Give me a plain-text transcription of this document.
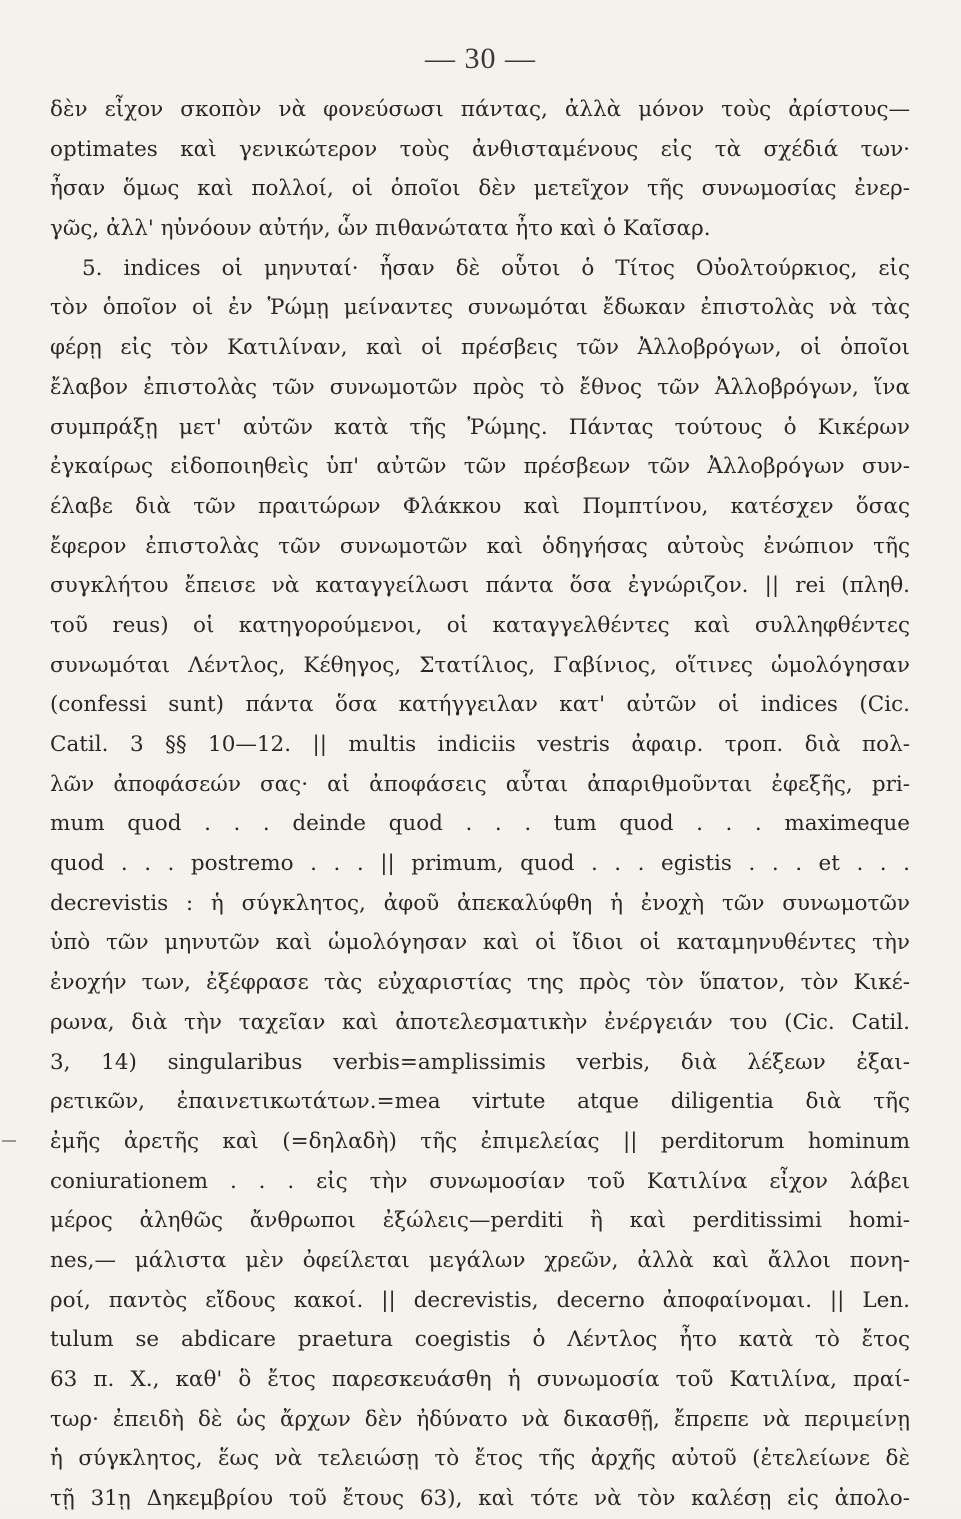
— 30 —
δὲν εἶχον σκοπὸν νὰ φονεύσωσι πάντας, ἀλλὰ μόνον τοὺς ἀρίστους—
optimates καὶ γενικώτερον τοὺς ἀνθισταμένους εἰς τὰ σχέδιά των·
ἦσαν ὅμως καὶ πολλοί, οἱ ὁποῖοι δὲν μετεῖχον τῆς συνωμοσίας ἐνερ-
γῶς, ἀλλ' ηὐνόουν αὐτήν, ὧν πιθανώτατα ἦτο καὶ ὁ Καῖσαρ.
5. indices οἱ μηνυταί· ἦσαν δὲ οὗτοι ὁ Τίτος Οὐολτούρκιος, εἰς
τὸν ὁποῖον οἱ ἐν Ῥώμῃ μείναντες συνωμόται ἔδωκαν ἐπιστολὰς νὰ τὰς
φέρῃ εἰς τὸν Κατιλίναν, καὶ οἱ πρέσβεις τῶν Ἀλλοβρόγων, οἱ ὁποῖοι
ἔλαβον ἐπιστολὰς τῶν συνωμοτῶν πρὸς τὸ ἔθνος τῶν Ἀλλοβρόγων, ἵνα
συμπράξῃ μετ' αὐτῶν κατὰ τῆς Ῥώμης. Πάντας τούτους ὁ Κικέρων
ἐγκαίρως εἰδοποιηθεὶς ὑπ' αὐτῶν τῶν πρέσβεων τῶν Ἀλλοβρόγων συν-
έλαβε διὰ τῶν πραιτώρων Φλάκκου καὶ Πομπτίνου, κατέσχεν ὅσας
ἔφερον ἐπιστολὰς τῶν συνωμοτῶν καὶ ὁδηγήσας αὐτοὺς ἐνώπιον τῆς
συγκλήτου ἔπεισε νὰ καταγγείλωσι πάντα ὅσα ἐγνώριζον. || rei (πληθ.
τοῦ reus) οἱ κατηγορούμενοι, οἱ καταγγελθέντες καὶ συλληφθέντες
συνωμόται Λέντλος, Κέθηγος, Στατίλιος, Γαβίνιος, οἵτινες ὡμολόγησαν
(confessi sunt) πάντα ὅσα κατήγγειλαν κατ' αὐτῶν οἱ indices (Cic.
Catil. 3 §§ 10—12. || multis indiciis vestris ἀφαιρ. τροπ. διὰ πολ-
λῶν ἀποφάσεών σας· αἱ ἀποφάσεις αὗται ἀπαριθμοῦνται ἐφεξῆς, pri-
mum quod . . . deinde quod . . . tum quod . . . maximeque
quod . . . postremo . . . || primum, quod . . . egistis . . . et . . .
decrevistis : ἡ σύγκλητος, ἀφοῦ ἀπεκαλύφθη ἡ ἐνοχὴ τῶν συνωμοτῶν
ὑπὸ τῶν μηνυτῶν καὶ ὡμολόγησαν καὶ οἱ ἴδιοι οἱ καταμηνυθέντες τὴν
ἐνοχήν των, ἐξέφρασε τὰς εὐχαριστίας της πρὸς τὸν ὕπατον, τὸν Κικέ-
ρωνα, διὰ τὴν ταχεῖαν καὶ ἀποτελεσματικὴν ἐνέργειάν του (Cic. Catil.
3, 14) singularibus verbis=amplissimis verbis, διὰ λέξεων ἐξαι-
ρετικῶν, ἐπαινετικωτάτων.=mea virtute atque diligentia διὰ τῆς
ἐμῆς ἀρετῆς καὶ (=δηλαδὴ) τῆς ἐπιμελείας || perditorum hominum
coniurationem . . . εἰς τὴν συνωμοσίαν τοῦ Κατιλίνα εἶχον λάβει
μέρος ἀληθῶς ἄνθρωποι ἐξώλεις—perditi ἢ καὶ perditissimi homi-
nes,— μάλιστα μὲν ὀφείλεται μεγάλων χρεῶν, ἀλλὰ καὶ ἄλλοι πονη-
ροί, παντὸς εἴδους κακοί. || decrevistis, decerno ἀποφαίνομαι. || Len.
tulum se abdicare praetura coegistis ὁ Λέντλος ἦτο κατὰ τὸ ἔτος
63 π. Χ., καθ' ὃ ἔτος παρεσκευάσθη ἡ συνωμοσία τοῦ Κατιλίνα, πραί-
τωρ· ἐπειδὴ δὲ ὡς ἄρχων δὲν ἠδύνατο νὰ δικασθῇ, ἔπρεπε νὰ περιμείνῃ
ἡ σύγκλητος, ἕως νὰ τελειώσῃ τὸ ἔτος τῆς ἀρχῆς αὐτοῦ (ἐτελείωνε δὲ
τῇ 31ῃ Δηκεμβρίου τοῦ ἔτους 63), καὶ τότε νὰ τὸν καλέσῃ εἰς ἀπολο-
